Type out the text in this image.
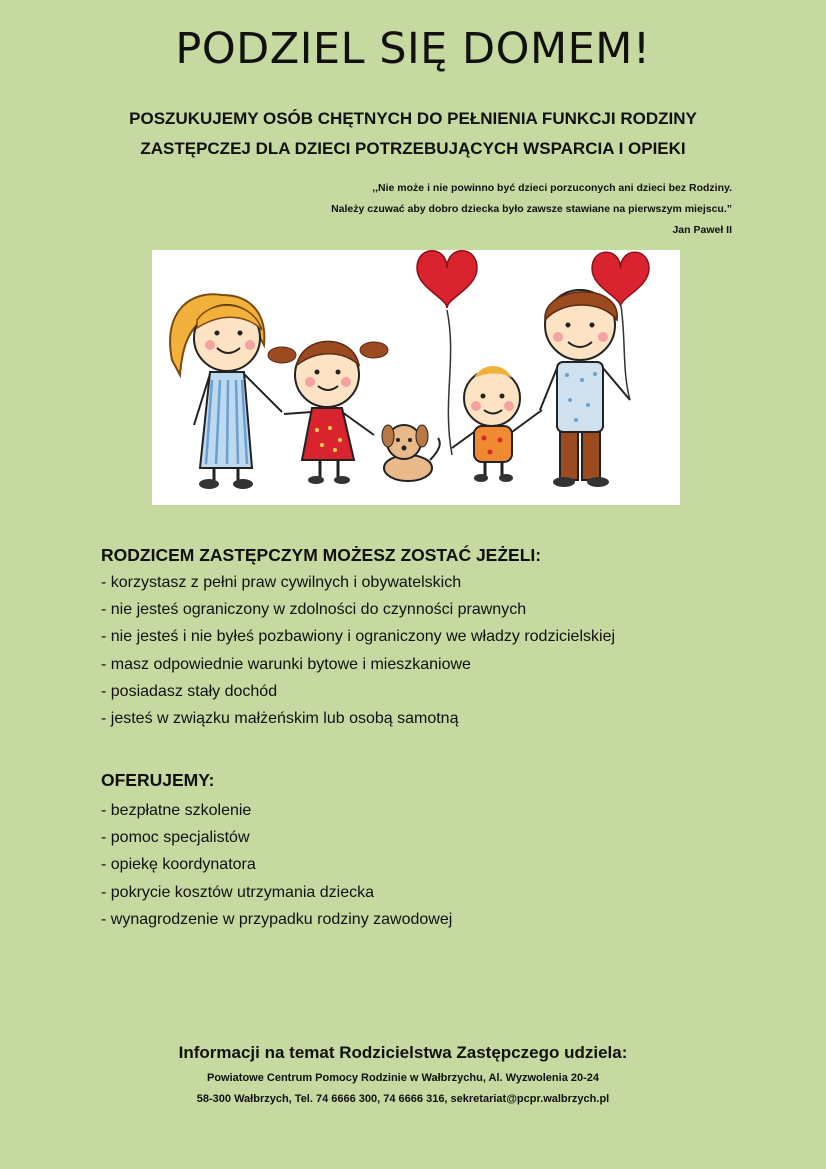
PODZIEL SIĘ DOMEM!
POSZUKUJEMY OSÓB CHĘTNYCH DO PEŁNIENIA FUNKCJI RODZINY
ZASTĘPCZEJ DLA DZIECI POTRZEBUJĄCYCH WSPARCIA I OPIEKI
,,Nie może i nie powinno być dzieci porzuconych ani dzieci bez Rodziny.
Należy czuwać aby dobro dziecka było zawsze stawiane na pierwszym miejscu.”
Jan Paweł II
RODZICEM ZASTĘPCZYM MOŻESZ ZOSTAĆ JEŻELI:
- korzystasz z pełni praw cywilnych i obywatelskich
- nie jesteś ograniczony w zdolności do czynności prawnych
- nie jesteś i nie byłeś pozbawiony i ograniczony we władzy rodzicielskiej
- masz odpowiednie warunki bytowe i mieszkaniowe
- posiadasz stały dochód
- jesteś w związku małżeńskim lub osobą samotną
OFERUJEMY:
- bezpłatne szkolenie
- pomoc specjalistów
- opiekę koordynatora
- pokrycie kosztów utrzymania dziecka
- wynagrodzenie w przypadku rodziny zawodowej
Informacji na temat Rodzicielstwa Zastępczego udziela:
Powiatowe Centrum Pomocy Rodzinie w Wałbrzychu, Al. Wyzwolenia 20-24
58-300 Wałbrzych, Tel. 74 6666 300, 74 6666 316, sekretariat@pcpr.walbrzych.pl
